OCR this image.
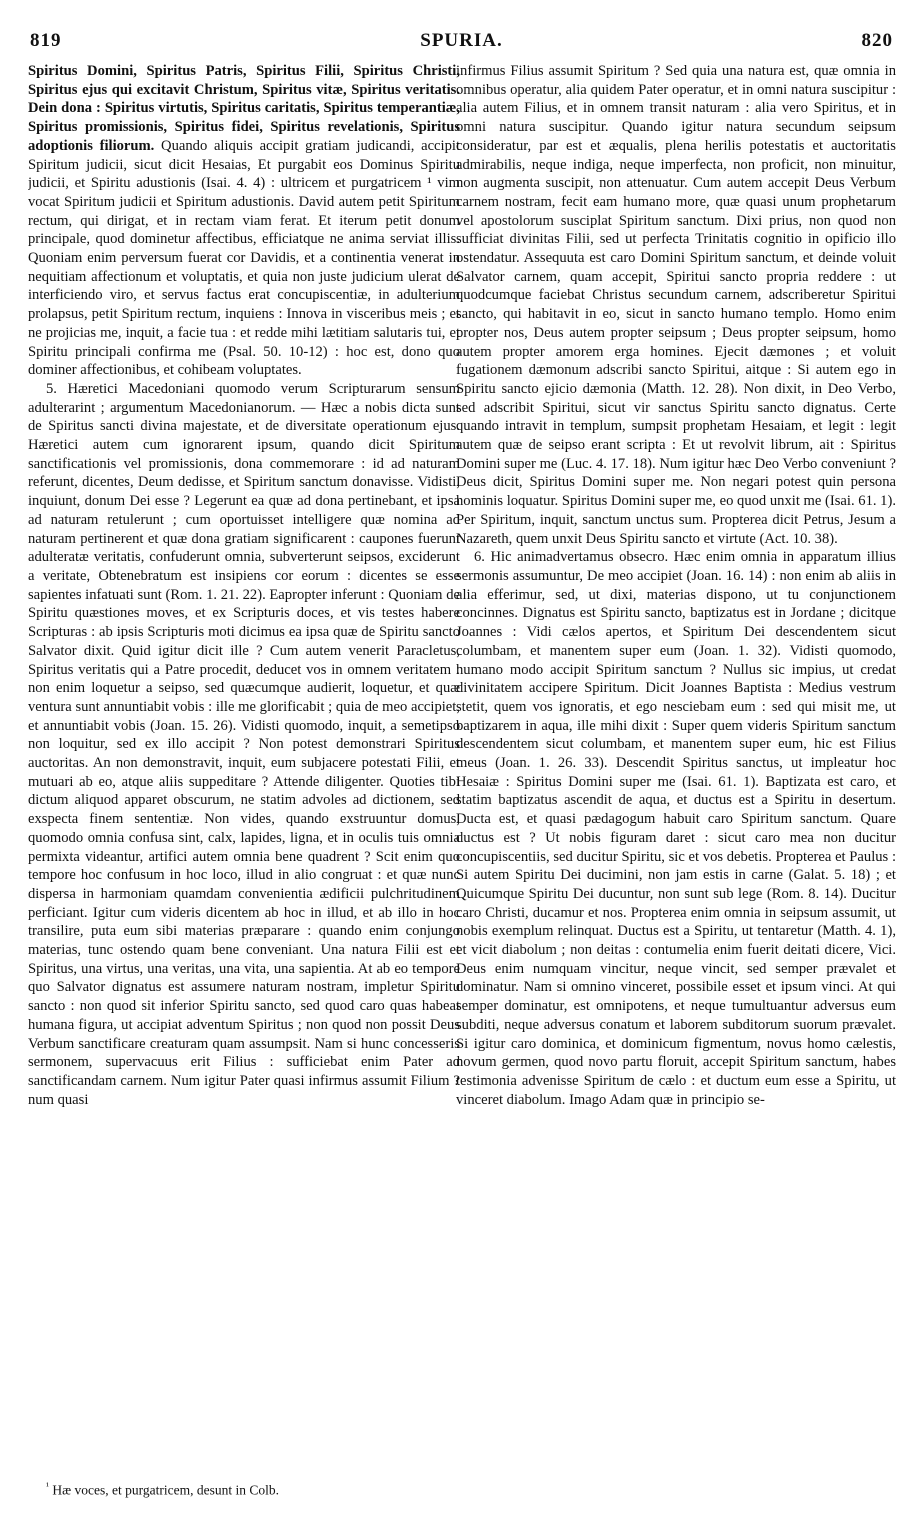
819	SPURIA.	820

Spiritus Domini, Spiritus Patris, Spiritus Filii, Spiritus Christi, Spiritus ejus qui excitavit Christum, Spiritus vitæ, Spiritus veritatis. Dein dona : Spiritus virtutis, Spiritus caritatis, Spiritus temperantiæ, Spiritus promissionis, Spiritus fidei, Spiritus revelationis, Spiritus adoptionis filiorum. Quando aliquis accipit gratiam judicandi, accipit Spiritum judicii, sicut dicit Hesaias, Et purgabit eos Dominus Spiritu judicii, et Spiritu adustionis (Isai. 4. 4) : ultricem et purgatricem ¹ vim vocat Spiritum judicii et Spiritum adustionis. David autem petit Spiritum rectum, qui dirigat, et in rectam viam ferat. Et iterum petit donum principale, quod dominetur affectibus, efficiatque ne anima serviat illis. Quoniam enim perversum fuerat cor Davidis, et a continentia venerat in nequitiam affectionum et voluptatis, et quia non juste judicium ulerat de interficiendo viro, et servus factus erat concupiscentiæ, in adulterium prolapsus, petit Spiritum rectum, inquiens : Innova in visceribus meis ; et ne projicias me, inquit, a facie tua : et redde mihi lætitiam salutaris tui, et Spiritu principali confirma me (Psal. 50. 10-12) : hoc est, dono quo dominer affectionibus, et cohibeam voluptates.

5. Hæretici Macedoniani quomodo verum Scripturarum sensum adulterarint ; argumentum Macedonianorum. — Hæc a nobis dicta sunt de Spiritus sancti divina majestate, et de diversitate operationum ejus. Hæretici autem cum ignorarent ipsum, quando dicit Spiritum sanctificationis vel promissionis, dona commemorare : id ad naturam referunt, dicentes, Deum dedisse, et Spiritum sanctum donavisse. Vidisti, inquiunt, donum Dei esse ? Legerunt ea quæ ad dona pertinebant, et ipsa ad naturam retulerunt ; cum oportuisset intelligere quæ nomina ad naturam pertinerent et quæ dona gratiam significarent : caupones fuerunt adulteratæ veritatis, confuderunt omnia, subverterunt seipsos, exciderunt a veritate, Obtenebratum est insipiens cor eorum : dicentes se esse sapientes infatuati sunt (Rom. 1. 21. 22). Eapropter inferunt : Quoniam de Spiritu quæstiones moves, et ex Scripturis doces, et vis testes habere Scripturas : ab ipsis Scripturis moti dicimus ea ipsa quæ de Spiritu sancto Salvator dixit. Quid igitur dicit ille ? Cum autem venerit Paracletus, Spiritus veritatis qui a Patre procedit, deducet vos in omnem veritatem : non enim loquetur a seipso, sed quæcumque audierit, loquetur, et quæ ventura sunt annuntiabit vobis : ille me glorificabit ; quia de meo accipiet, et annuntiabit vobis (Joan. 15. 26). Vidisti quomodo, inquit, a semetipso non loquitur, sed ex illo accipit ? Non potest demonstrari Spiritus auctoritas. An non demonstravit, inquit, eum subjacere potestati Filii, et mutuari ab eo, atque aliis suppeditare ? Attende diligenter. Quoties tibi dictum aliquod apparet obscurum, ne statim advoles ad dictionem, sed exspecta finem sententiæ. Non vides, quando exstruuntur domus, quomodo omnia confusa sint, calx, lapides, ligna, et in oculis tuis omnia permixta videantur, artifici autem omnia bene quadrent ? Scit enim quo tempore hoc confusum in hoc loco, illud in alio congruat : et quæ nunc dispersa in harmoniam quamdam convenientia ædificii pulchritudinem perficiant. Igitur cum videris dicentem ab hoc in illud, et ab illo in hoc transilire, puta eum sibi materias præparare : quando enim conjungo materias, tunc ostendo quam bene conveniant. Una natura Filii est et Spiritus, una virtus, una veritas, una vita, una sapientia. At ab eo tempore quo Salvator dignatus est assumere naturam nostram, impletur Spiritu sancto : non quod sit inferior Spiritu sancto, sed quod caro quas habeat humana figura, ut accipiat adventum Spiritus ; non quod non possit Deus Verbum sanctificare creaturam quam assumpsit. Nam si hunc concesseris sermonem, supervacuus erit Filius : sufficiebat enim Pater ad sanctificandam carnem. Num igitur Pater quasi infirmus assumit Filium ? num quasi

infirmus Filius assumit Spiritum ? Sed quia una natura est, quæ omnia in omnibus operatur, alia quidem Pater operatur, et in omni natura suscipitur : alia autem Filius, et in omnem transit naturam : alia vero Spiritus, et in omni natura suscipitur. Quando igitur natura secundum seipsum consideratur, par est et æqualis, plena herilis potestatis et auctoritatis admirabilis, neque indiga, neque imperfecta, non proficit, non minuitur, non augmenta suscipit, non attenuatur. Cum autem accepit Deus Verbum carnem nostram, fecit eam humano more, quæ quasi unum prophetarum vel apostolorum susciplat Spiritum sanctum. Dixi prius, non quod non sufficiat divinitas Filii, sed ut perfecta Trinitatis cognitio in opificio illo ostendatur. Assequuta est caro Domini Spiritum sanctum, et deinde voluit Salvator carnem, quam accepit, Spiritui sancto propria reddere : ut quodcumque faciebat Christus secundum carnem, adscriberetur Spiritui sancto, qui habitavit in eo, sicut in sancto humano templo. Homo enim propter nos, Deus autem propter seipsum ; Deus propter seipsum, homo autem propter amorem erga homines. Ejecit dæmones ; et voluit fugationem dæmonum adscribi sancto Spiritui, aitque : Si autem ego in Spiritu sancto ejicio dæmonia (Matth. 12. 28). Non dixit, in Deo Verbo, sed adscribit Spiritui, sicut vir sanctus Spiritu sancto dignatus. Certe quando intravit in templum, sumpsit prophetam Hesaiam, et legit : legit autem quæ de seipso erant scripta : Et ut revolvit librum, ait : Spiritus Domini super me (Luc. 4. 17. 18). Num igitur hæc Deo Verbo conveniunt ? Deus dicit, Spiritus Domini super me. Non negari potest quin persona hominis loquatur. Spiritus Domini super me, eo quod unxit me (Isai. 61. 1). Per Spiritum, inquit, sanctum unctus sum. Propterea dicit Petrus, Jesum a Nazareth, quem unxit Deus Spiritu sancto et virtute (Act. 10. 38).

6. Hic animadvertamus obsecro. Hæc enim omnia in apparatum illius sermonis assumuntur, De meo accipiet (Joan. 16. 14) : non enim ab aliis in alia efferimur, sed, ut dixi, materias dispono, ut tu conjunctionem concinnes. Dignatus est Spiritu sancto, baptizatus est in Jordane ; dicitque Joannes : Vidi cælos apertos, et Spiritum Dei descendentem sicut columbam, et manentem super eum (Joan. 1. 32). Vidisti quomodo, humano modo accipit Spiritum sanctum ? Nullus sic impius, ut credat divinitatem accipere Spiritum. Dicit Joannes Baptista : Medius vestrum stetit, quem vos ignoratis, et ego nesciebam eum : sed qui misit me, ut baptizarem in aqua, ille mihi dixit : Super quem videris Spiritum sanctum descendentem sicut columbam, et manentem super eum, hic est Filius meus (Joan. 1. 26. 33). Descendit Spiritus sanctus, ut impleatur hoc Hesaiæ : Spiritus Domini super me (Isai. 61. 1). Baptizata est caro, et statim baptizatus ascendit de aqua, et ductus est a Spiritu in desertum. Ducta est, et quasi pædagogum habuit caro Spiritum sanctum. Quare ductus est ? Ut nobis figuram daret : sicut caro mea non ducitur concupiscentiis, sed ducitur Spiritu, sic et vos debetis. Propterea et Paulus : Si autem Spiritu Dei ducimini, non jam estis in carne (Galat. 5. 18) ; et Quicumque Spiritu Dei ducuntur, non sunt sub lege (Rom. 8. 14). Ducitur caro Christi, ducamur et nos. Propterea enim omnia in seipsum assumit, ut nobis exemplum relinquat. Ductus est a Spiritu, ut tentaretur (Matth. 4. 1), et vicit diabolum ; non deitas : contumelia enim fuerit deitati dicere, Vici. Deus enim numquam vincitur, neque vincit, sed semper prævalet et dominatur. Nam si omnino vinceret, possibile esset et ipsum vinci. At qui semper dominatur, est omnipotens, et neque tumultuantur adversus eum subditi, neque adversus conatum et laborem subditorum suorum prævalet. Si igitur caro dominica, et dominicum figmentum, novus homo cælestis, novum germen, quod novo partu floruit, accepit Spiritum sanctum, habes testimonia advenisse Spiritum de cælo : et ductum eum esse a Spiritu, ut vinceret diabolum. Imago Adam quæ in principio se-

$^{^1}$ Hæ voces, et purgatricem, desunt in Colb.
